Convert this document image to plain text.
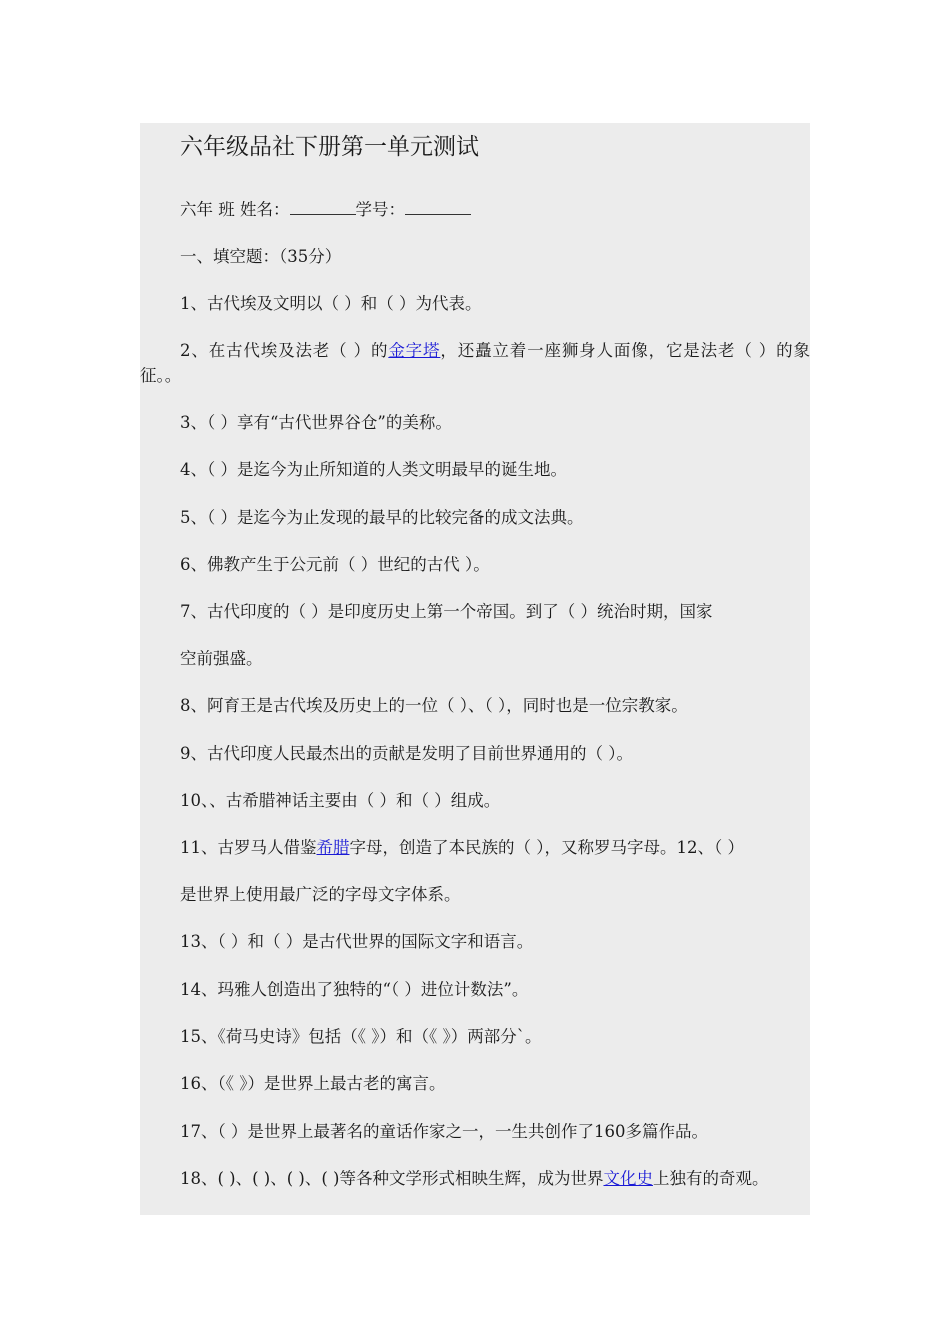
六年级品社下册第一单元测试
六年 班 姓名：	学号：
一、填空题：（35分）
1、古代埃及文明以（ ）和（ ）为代表。

2、在古代埃及法老（ ）的金字塔，还矗立着一座狮身人面像，它是法老（ ）的象征。。

3、（ ）享有“古代世界谷仓”的美称。
4、（ ）是迄今为止所知道的人类文明最早的诞生地。
5、（ ）是迄今为止发现的最早的比较完备的成文法典。
6、佛教产生于公元前（ ）世纪的古代 ）。
7、古代印度的（ ）是印度历史上第一个帝国。到了（ ）统治时期，国家
空前强盛。
8、阿育王是古代埃及历史上的一位（ ）、（ ），同时也是一位宗教家。
9、古代印度人民最杰出的贡献是发明了目前世界通用的（ ）。
10、、古希腊神话主要由（ ）和（ ）组成。
11、古罗马人借鉴希腊字母，创造了本民族的（ ），又称罗马字母。12、（ ）
是世界上使用最广泛的字母文字体系。
13、（ ）和（ ）是古代世界的国际文字和语言。
14、玛雅人创造出了独特的“（ ）进位计数法”。
15、《荷马史诗》包括（《 》）和（《 》）两部分`。
16、（《 》）是世界上最古老的寓言。
17、（ ）是世界上最著名的童话作家之一，一生共创作了160多篇作品。

18、( )、( )、( )、( )等各种文学形式相映生辉，成为世界文化史上独有的奇观。
